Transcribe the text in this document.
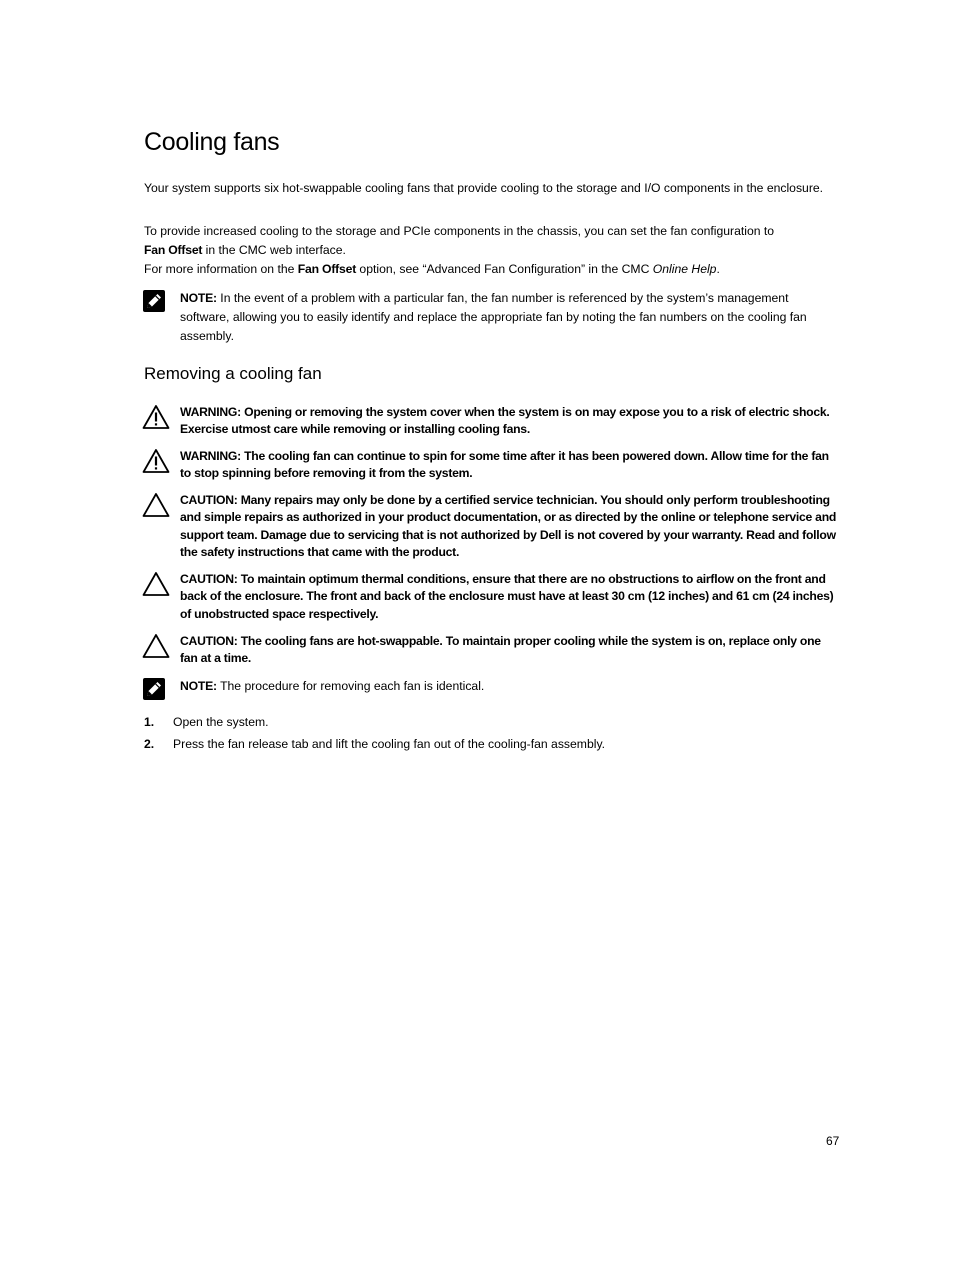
Cooling fans

Your system supports six hot-swappable cooling fans that provide cooling to the storage and I/O components in the enclosure.

To provide increased cooling to the storage and PCIe components in the chassis, you can set the fan configuration to
Fan Offset in the CMC web interface.

For more information on the Fan Offset option, see “Advanced Fan Configuration” in the CMC Online Help.

NOTE: In the event of a problem with a particular fan, the fan number is referenced by the system’s management software, allowing you to easily identify and replace the appropriate fan by noting the fan numbers on the cooling fan assembly.
Removing a cooling fan
WARNING: Opening or removing the system cover when the system is on may expose you to a risk of electric shock. Exercise utmost care while removing or installing cooling fans.
WARNING: The cooling fan can continue to spin for some time after it has been powered down. Allow time for the fan to stop spinning before removing it from the system.
CAUTION: Many repairs may only be done by a certified service technician. You should only perform troubleshooting and simple repairs as authorized in your product documentation, or as directed by the online or telephone service and support team. Damage due to servicing that is not authorized by Dell is not covered by your warranty. Read and follow the safety instructions that came with the product.
CAUTION: To maintain optimum thermal conditions, ensure that there are no obstructions to airflow on the front and back of the enclosure. The front and back of the enclosure must have at least 30 cm (12 inches) and 61 cm (24 inches) of unobstructed space respectively.
CAUTION: The cooling fans are hot-swappable. To maintain proper cooling while the system is on, replace only one fan at a time.
NOTE: The procedure for removing each fan is identical.
1.	Open the system.
2.	Press the fan release tab and lift the cooling fan out of the cooling-fan assembly.
67
